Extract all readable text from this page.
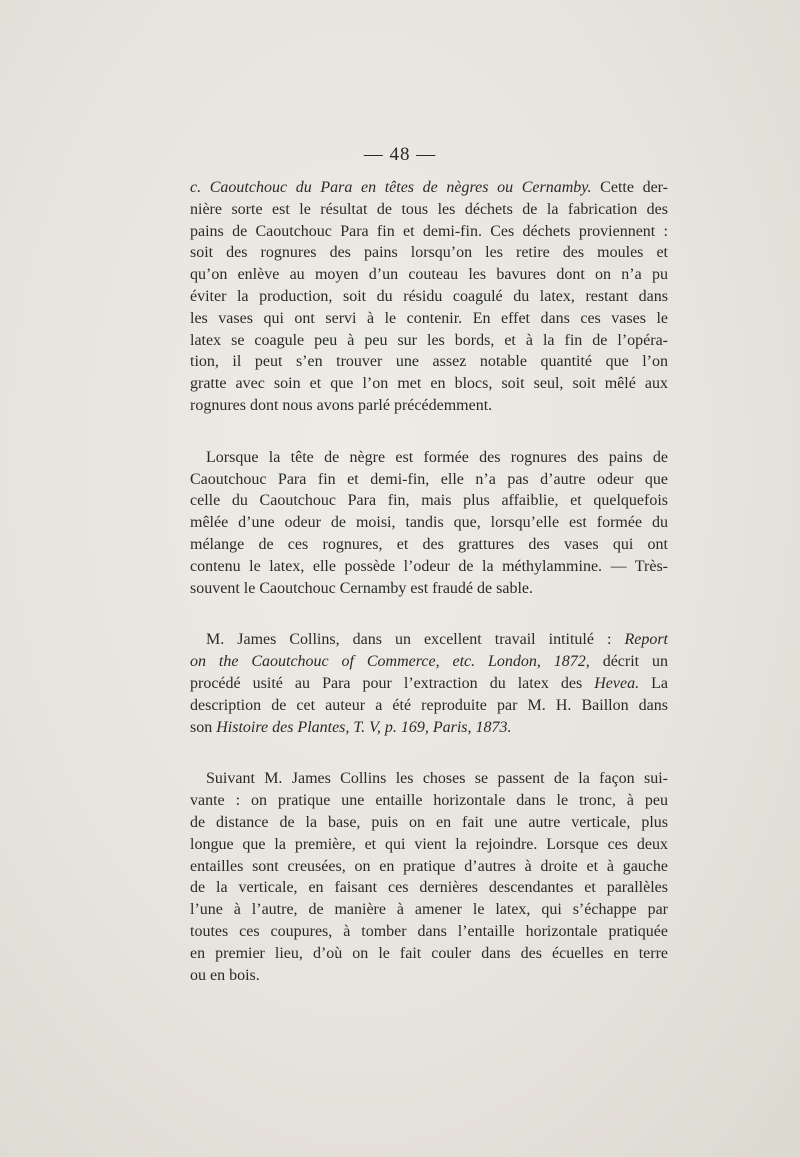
— 48 —

c. Caoutchouc du Para en têtes de nègres ou Cernamby. Cette der-
nière sorte est le résultat de tous les déchets de la fabrication des
pains de Caoutchouc Para fin et demi-fin. Ces déchets proviennent :
soit des rognures des pains lorsqu’on les retire des moules et
qu’on enlève au moyen d’un couteau les bavures dont on n’a pu
éviter la production, soit du résidu coagulé du latex, restant dans
les vases qui ont servi à le contenir. En effet dans ces vases le
latex se coagule peu à peu sur les bords, et à la fin de l’opéra-
tion, il peut s’en trouver une assez notable quantité que l’on
gratte avec soin et que l’on met en blocs, soit seul, soit mêlé aux
rognures dont nous avons parlé précédemment.

Lorsque la tête de nègre est formée des rognures des pains de
Caoutchouc Para fin et demi-fin, elle n’a pas d’autre odeur que
celle du Caoutchouc Para fin, mais plus affaiblie, et quelquefois
mêlée d’une odeur de moisi, tandis que, lorsqu’elle est formée du
mélange de ces rognures, et des grattures des vases qui ont
contenu le latex, elle possède l’odeur de la méthylammine. — Très-
souvent le Caoutchouc Cernamby est fraudé de sable.

M. James Collins, dans un excellent travail intitulé : Report
on the Caoutchouc of Commerce, etc. London, 1872, décrit un
procédé usité au Para pour l’extraction du latex des Hevea. La
description de cet auteur a été reproduite par M. H. Baillon dans
son Histoire des Plantes, T. V, p. 169, Paris, 1873.

Suivant M. James Collins les choses se passent de la façon sui-
vante : on pratique une entaille horizontale dans le tronc, à peu
de distance de la base, puis on en fait une autre verticale, plus
longue que la première, et qui vient la rejoindre. Lorsque ces deux
entailles sont creusées, on en pratique d’autres à droite et à gauche
de la verticale, en faisant ces dernières descendantes et parallèles
l’une à l’autre, de manière à amener le latex, qui s’échappe par
toutes ces coupures, à tomber dans l’entaille horizontale pratiquée
en premier lieu, d’où on le fait couler dans des écuelles en terre
ou en bois.
